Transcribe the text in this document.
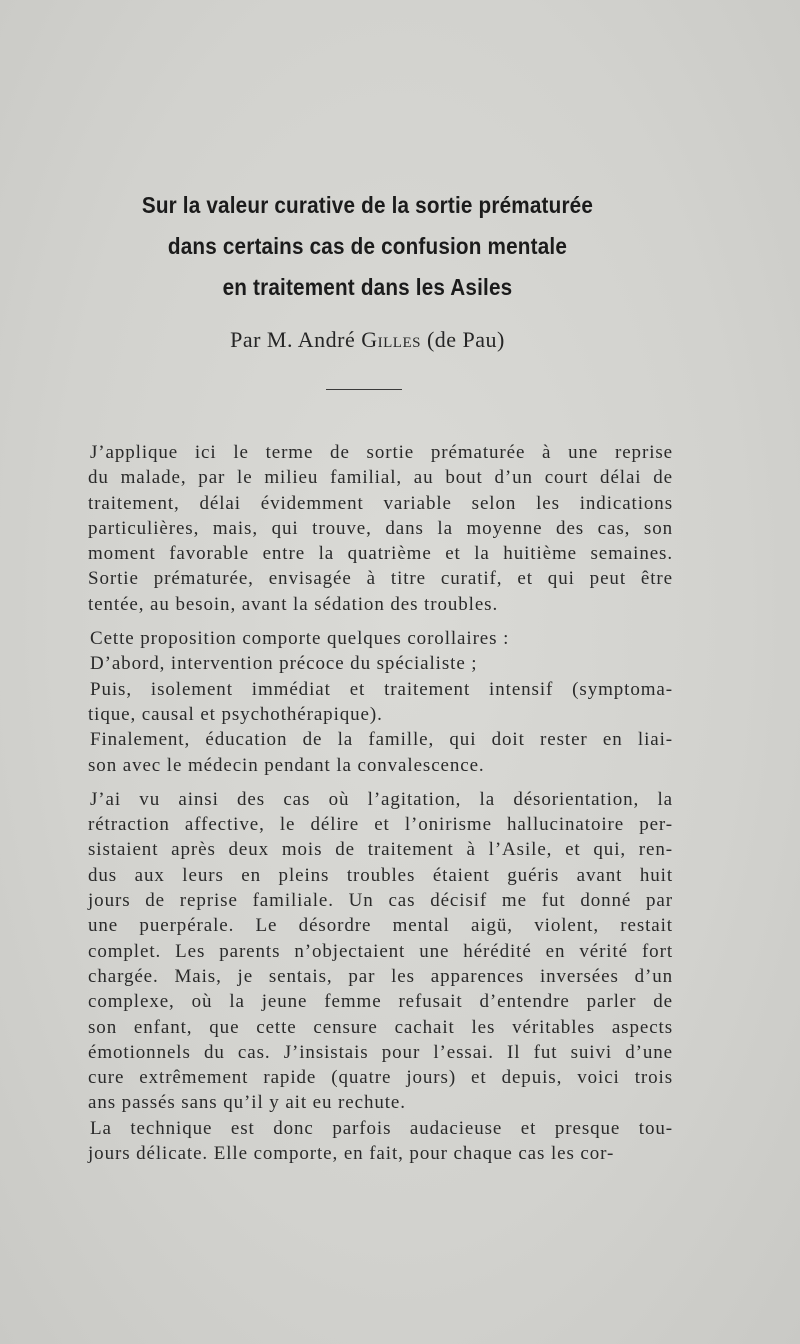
Sur la valeur curative de la sortie prématurée
dans certains cas de confusion mentale
en traitement dans les Asiles
Par M. André Gilles (de Pau)
J’applique ici le terme de sortie prématurée à une reprise
du malade, par le milieu familial, au bout d’un court délai de
traitement, délai évidemment variable selon les indications
particulières, mais, qui trouve, dans la moyenne des cas, son
moment favorable entre la quatrième et la huitième semaines.
Sortie prématurée, envisagée à titre curatif, et qui peut être
tentée, au besoin, avant la sédation des troubles.
Cette proposition comporte quelques corollaires :
D’abord, intervention précoce du spécialiste ;
Puis, isolement immédiat et traitement intensif (symptoma-
tique, causal et psychothérapique).
Finalement, éducation de la famille, qui doit rester en liai-
son avec le médecin pendant la convalescence.
J’ai vu ainsi des cas où l’agitation, la désorientation, la
rétraction affective, le délire et l’onirisme hallucinatoire per-
sistaient après deux mois de traitement à l’Asile, et qui, ren-
dus aux leurs en pleins troubles étaient guéris avant huit
jours de reprise familiale. Un cas décisif me fut donné par
une puerpérale. Le désordre mental aigü, violent, restait
complet. Les parents n’objectaient une hérédité en vérité fort
chargée. Mais, je sentais, par les apparences inversées d’un
complexe, où la jeune femme refusait d’entendre parler de
son enfant, que cette censure cachait les véritables aspects
émotionnels du cas. J’insistais pour l’essai. Il fut suivi d’une
cure extrêmement rapide (quatre jours) et depuis, voici trois
ans passés sans qu’il y ait eu rechute.
La technique est donc parfois audacieuse et presque tou-
jours délicate. Elle comporte, en fait, pour chaque cas les cor-
